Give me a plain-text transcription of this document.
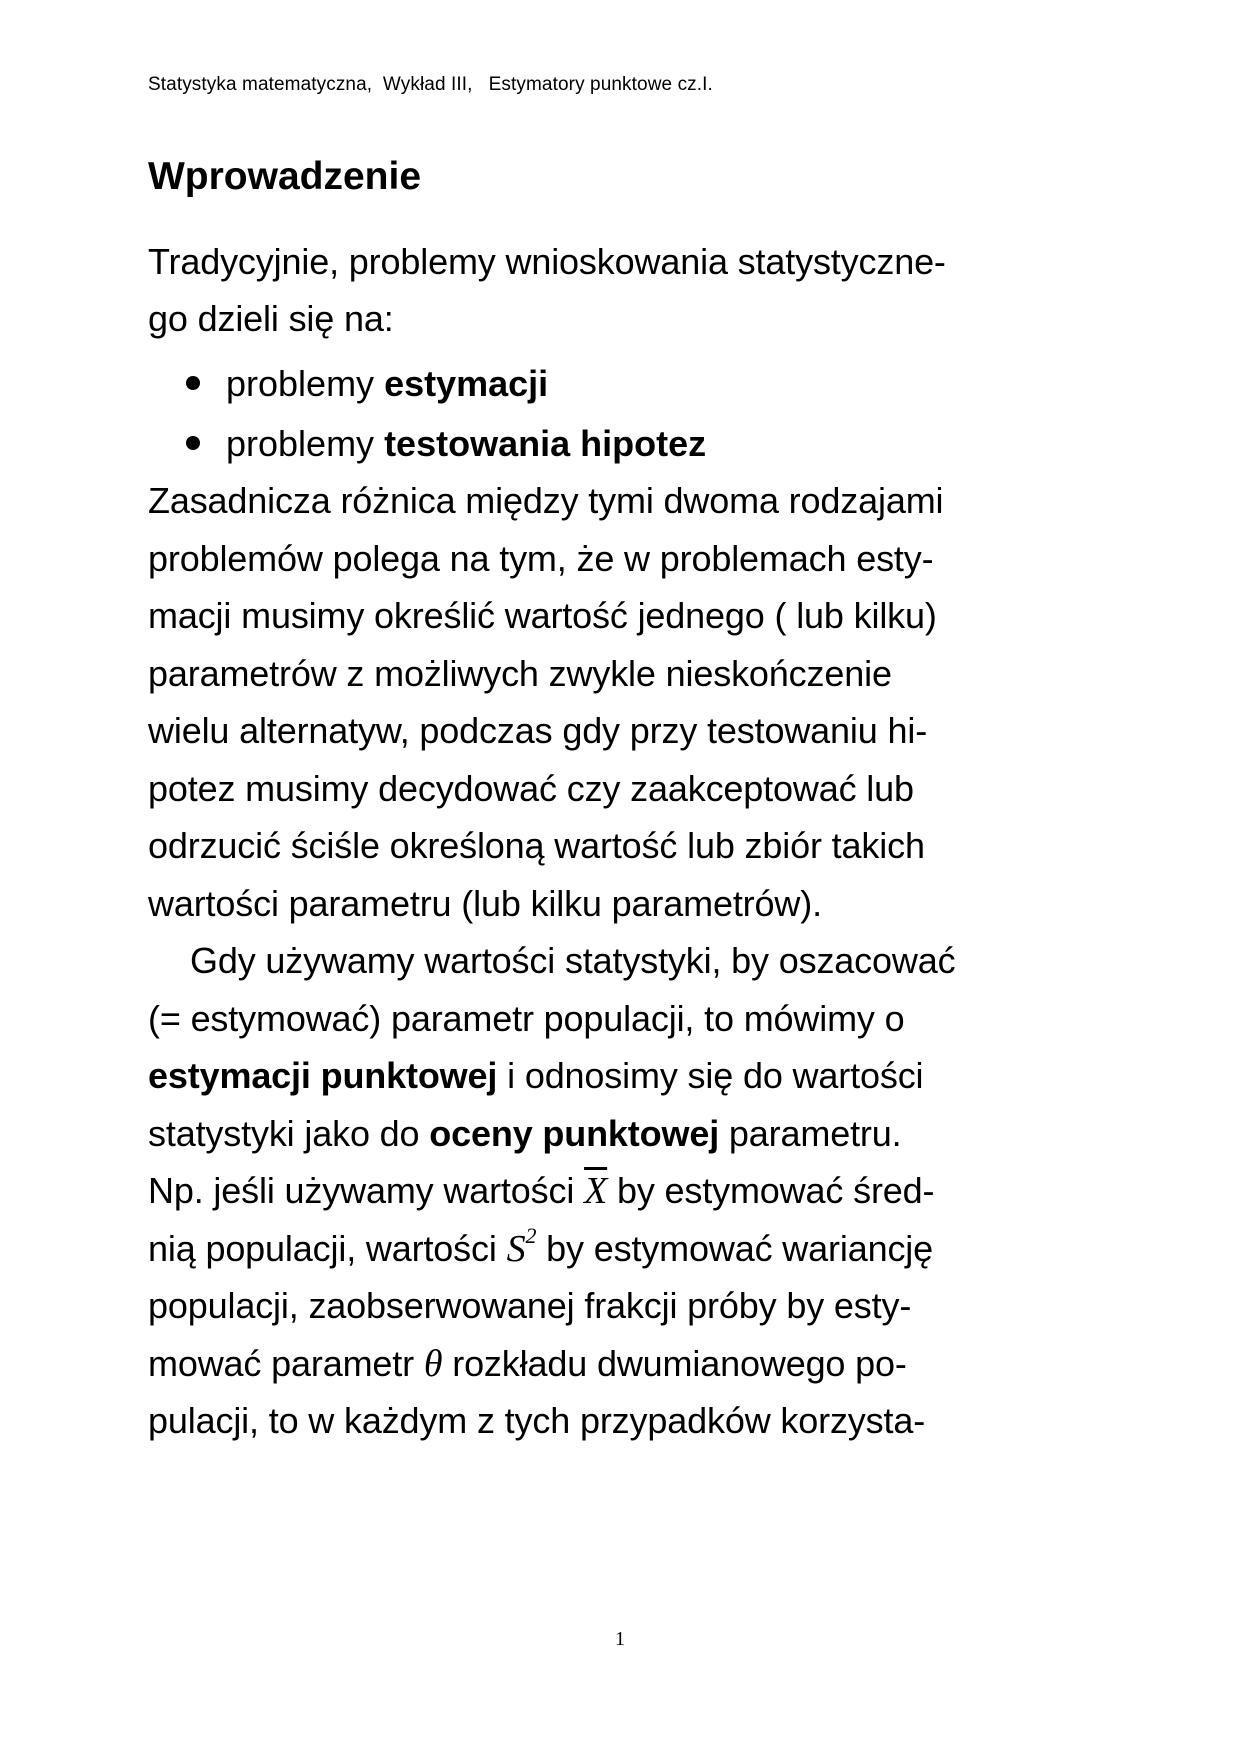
Statystyka matematyczna,  Wykład III,   Estymatory punktowe cz.I.
Wprowadzenie
Tradycyjnie, problemy wnioskowania statystyczne-
go dzieli się na:
problemy estymacji
problemy testowania hipotez
Zasadnicza różnica między tymi dwoma rodzajami
problemów polega na tym, że w problemach esty-
macji musimy określić wartość jednego ( lub kilku)
parametrów z możliwych zwykle nieskończenie
wielu alternatyw, podczas gdy przy testowaniu hi-
potez musimy decydować czy zaakceptować lub
odrzucić ściśle określoną wartość lub zbiór takich
wartości parametru (lub kilku parametrów).
Gdy używamy wartości statystyki, by oszacować
(= estymować) parametr populacji, to mówimy o
estymacji punktowej i odnosimy się do wartości
statystyki jako do oceny punktowej parametru.
Np. jeśli używamy wartości $\overline{X}$ by estymować śred-
nią populacji, wartości $S^2$ by estymować wariancję
populacji, zaobserwowanej frakcji próby by esty-
mować parametr θ rozkładu dwumianowego po-
pulacji, to w każdym z tych przypadków korzysta-
1
